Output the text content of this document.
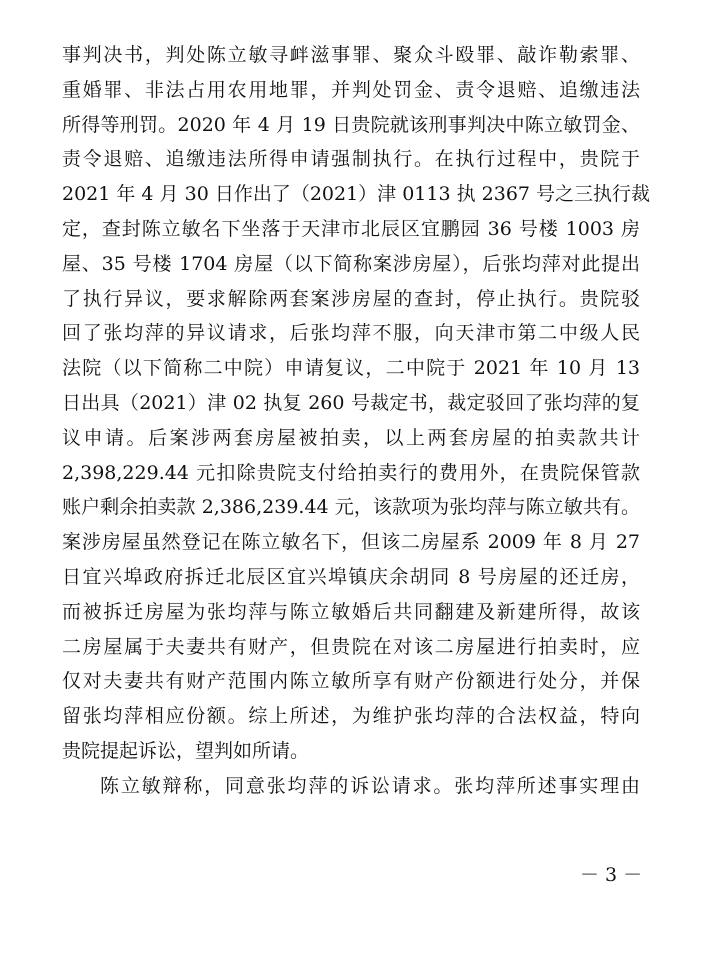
事判决书，判处陈立敏寻衅滋事罪、聚众斗殴罪、敲诈勒索罪、
重婚罪、非法占用农用地罪，并判处罚金、责令退赔、追缴违法
所得等刑罚。2020 年 4 月 19 日贵院就该刑事判决中陈立敏罚金、
责令退赔、追缴违法所得申请强制执行。在执行过程中，贵院于
2021 年 4 月 30 日作出了（2021）津 0113 执 2367 号之三执行裁
定，查封陈立敏名下坐落于天津市北辰区宜鹏园 36 号楼 1003 房
屋、35 号楼 1704 房屋（以下简称案涉房屋），后张均萍对此提出
了执行异议，要求解除两套案涉房屋的查封，停止执行。贵院驳
回了张均萍的异议请求，后张均萍不服，向天津市第二中级人民
法院（以下简称二中院）申请复议，二中院于 2021 年 10 月 13
日出具（2021）津 02 执复 260 号裁定书，裁定驳回了张均萍的复
议申请。后案涉两套房屋被拍卖，以上两套房屋的拍卖款共计
2,398,229.44 元扣除贵院支付给拍卖行的费用外，在贵院保管款
账户剩余拍卖款 2,386,239.44 元，该款项为张均萍与陈立敏共有。
案涉房屋虽然登记在陈立敏名下，但该二房屋系 2009 年 8 月 27
日宜兴埠政府拆迁北辰区宜兴埠镇庆余胡同 8 号房屋的还迁房，
而被拆迁房屋为张均萍与陈立敏婚后共同翻建及新建所得，故该
二房屋属于夫妻共有财产，但贵院在对该二房屋进行拍卖时，应
仅对夫妻共有财产范围内陈立敏所享有财产份额进行处分，并保
留张均萍相应份额。综上所述，为维护张均萍的合法权益，特向
贵院提起诉讼，望判如所请。
陈立敏辩称，同意张均萍的诉讼请求。张均萍所述事实理由
－ 3 －
